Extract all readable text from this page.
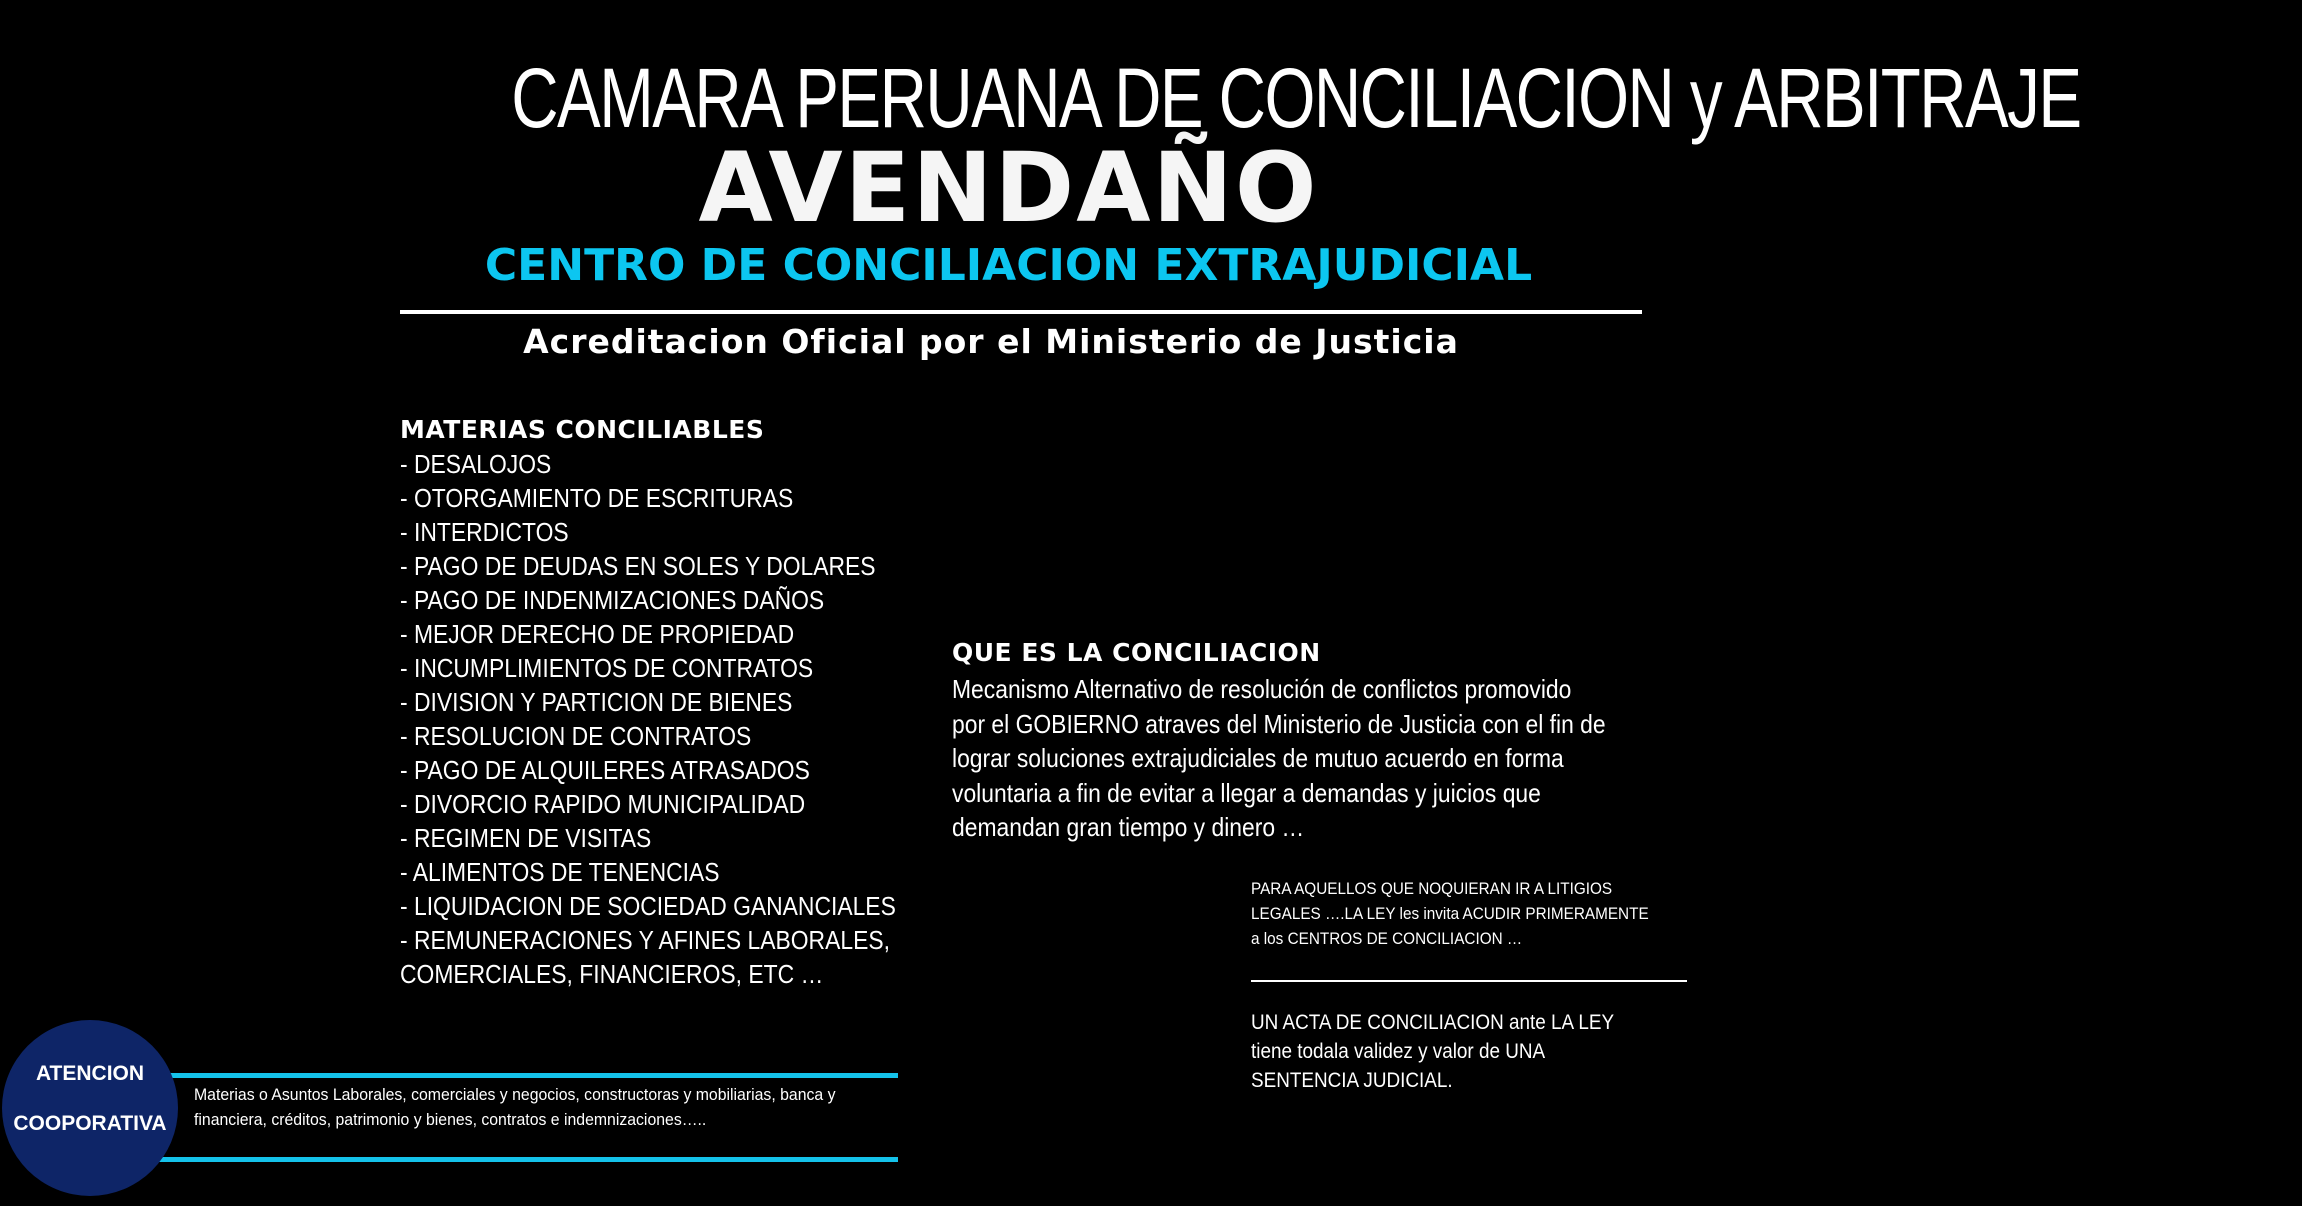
CAMARA PERUANA DE CONCILIACION y ARBITRAJE
AVENDAÑO
CENTRO DE CONCILIACION EXTRAJUDICIAL
Acreditacion Oficial por el Ministerio de Justicia
MATERIAS CONCILIABLES
- DESALOJOS
- OTORGAMIENTO DE ESCRITURAS
- INTERDICTOS
- PAGO DE DEUDAS EN SOLES Y DOLARES
- PAGO DE INDENMIZACIONES DAÑOS
- MEJOR DERECHO DE PROPIEDAD
- INCUMPLIMIENTOS DE CONTRATOS
- DIVISION Y PARTICION DE BIENES
- RESOLUCION DE CONTRATOS
- PAGO DE ALQUILERES ATRASADOS
- DIVORCIO RAPIDO MUNICIPALIDAD
- REGIMEN DE VISITAS
- ALIMENTOS DE TENENCIAS
- LIQUIDACION DE SOCIEDAD GANANCIALES
- REMUNERACIONES Y AFINES LABORALES,
COMERCIALES, FINANCIEROS, ETC …
QUE ES LA CONCILIACION
Mecanismo Alternativo de resolución de conflictos promovido
por el GOBIERNO atraves del Ministerio de Justicia con el fin de
lograr soluciones extrajudiciales de mutuo acuerdo en forma
voluntaria a fin de evitar a llegar a demandas y juicios que
demandan gran tiempo y dinero …
PARA AQUELLOS QUE NOQUIERAN IR A LITIGIOS
LEGALES ….LA LEY les invita ACUDIR PRIMERAMENTE
a los CENTROS DE CONCILIACION …
UN ACTA DE CONCILIACION ante LA LEY
tiene todala validez y valor de UNA
SENTENCIA JUDICIAL.
ATENCION
COOPORATIVA
Materias o Asuntos Laborales, comerciales y negocios, constructoras y mobiliarias, banca y
financiera, créditos, patrimonio y bienes, contratos e indemnizaciones…..
